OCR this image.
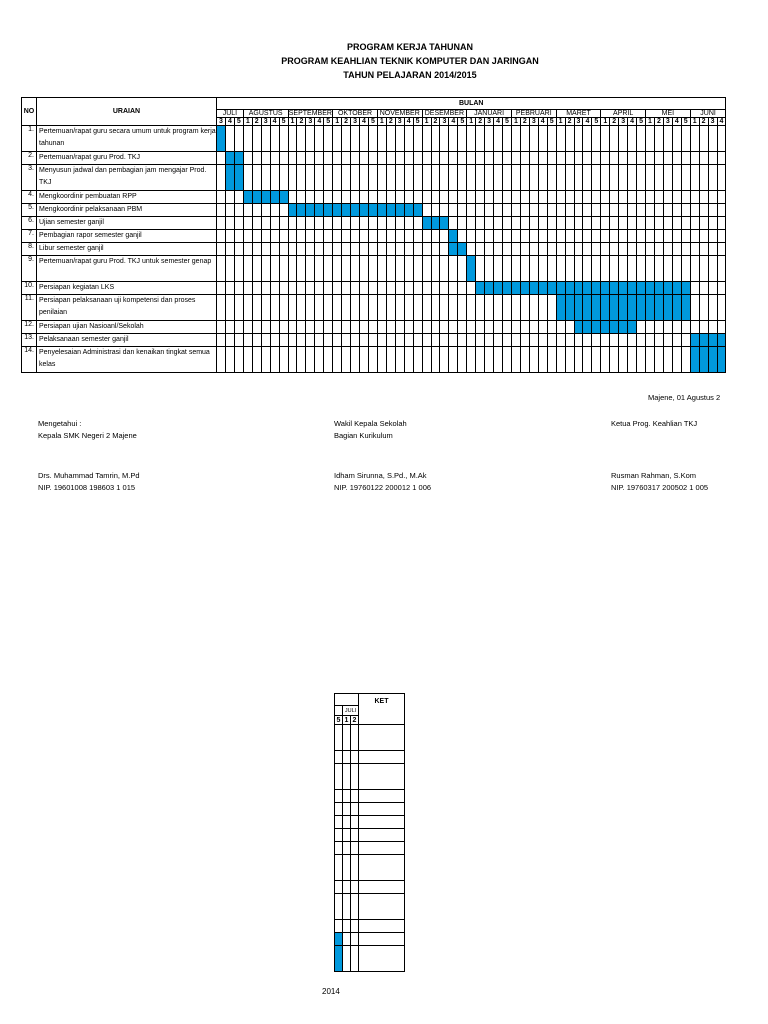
PROGRAM KERJA TAHUNAN
PROGRAM KEAHLIAN TEKNIK KOMPUTER DAN JARINGAN
TAHUN PELAJARAN 2014/2015
NO	URAIAN	BULAN																																																								
		JULI			AGUSTUS					SEPTEMBER					OKTOBER					NOVEMBER					DESEMBER					JANUARI					PEBRUARI					MARET					APRIL					MEI					JUNI			
		3	4	5	1	2	3	4	5	1	2	3	4	5	1	2	3	4	5	1	2	3	4	5	1	2	3	4	5	1	2	3	4	5	1	2	3	4	5	1	2	3	4	5	1	2	3	4	5	1	2	3	4	5	1	2	3	4
1.	Pertemuan/rapat guru secara umum untuk program kerja tahunan																																																									
2.	Pertemuan/rapat guru Prod. TKJ																																																									
3.	Menyusun jadwal dan pembagian jam mengajar Prod. TKJ																																																									
4.	Mengkoordinir pembuatan RPP																																																									
5.	Mengkoordinir pelaksanaan PBM																																																									
6.	Ujian semester ganjil																																																									
7.	Pembagian rapor semester ganjil																																																									
8.	Libur semester ganjil																																																									
9.	Pertemuan/rapat guru Prod. TKJ untuk semester genap																																																									
10.	Persiapan kegiatan LKS																																																									
11.	Persiapan pelaksanaan uji kompetensi dan proses penilaian																																																									
12.	Persiapan ujian Nasioanl/Sekolah																																																									
13.	Pelaksanaan semester ganjil																																																									
14.	Penyelesaian Administrasi dan kenaikan tingkat semua kelas																																																									
Majene, 01 Agustus 2
Mengetahui :
Kepala SMK Negeri 2 Majene
Drs. Muhammad Tamrin, M.Pd
NIP. 19601008 198603 1 015
Wakil Kepala Sekolah
Bagian Kurikulum
Idham Sirunna, S.Pd., M.Ak
NIP. 19760122 200012 1 006
Ketua Prog. Keahlian TKJ
Rusman Rahman, S.Kom
NIP. 19760317 200502 1 005
			KET
	JULI		
5	1	2	

2014
